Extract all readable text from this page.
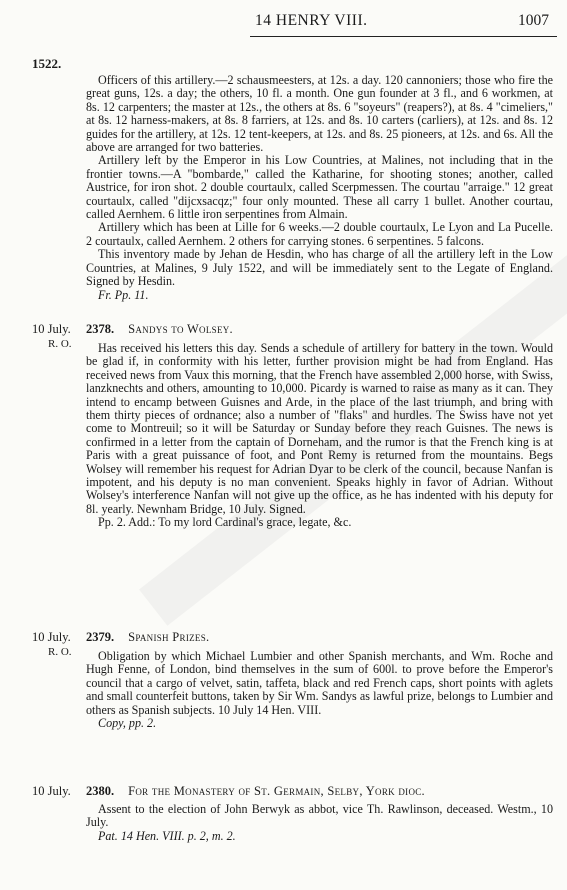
14 HENRY VIII.	1007
1522.

Officers of this artillery.—2 schausmeesters, at 12s. a day. 120 cannoniers; those who fire the great guns, 12s. a day; the others, 10 fl. a month. One gun founder at 3 fl., and 6 workmen, at 8s. 12 carpenters; the master at 12s., the others at 8s. 6 "soyeurs" (reapers?), at 8s. 4 "cimeliers," at 8s. 12 harness-makers, at 8s. 8 farriers, at 12s. and 8s. 10 carters (carliers), at 12s. and 8s. 12 guides for the artillery, at 12s. 12 tent-keepers, at 12s. and 8s. 25 pioneers, at 12s. and 6s. All the above are arranged for two batteries.

Artillery left by the Emperor in his Low Countries, at Malines, not including that in the frontier towns.—A "bombarde," called the Katharine, for shooting stones; another, called Austrice, for iron shot. 2 double courtaulx, called Scerpmessen. The courtau "arraige." 12 great courtaulx, called "dijcxsacqz;" four only mounted. These all carry 1 bullet. Another courtau, called Aernhem. 6 little iron serpentines from Almain.

Artillery which has been at Lille for 6 weeks.—2 double courtaulx, Le Lyon and La Pucelle. 2 courtaulx, called Aernhem. 2 others for carrying stones. 6 serpentines. 5 falcons.

This inventory made by Jehan de Hesdin, who has charge of all the artillery left in the Low Countries, at Malines, 9 July 1522, and will be immediately sent to the Legate of England. Signed by Hesdin.

Fr. Pp. 11.

10 July.
R. O.
2378. Sandys to Wolsey.

Has received his letters this day. Sends a schedule of artillery for battery in the town. Would be glad if, in conformity with his letter, further provision might be had from England. Has received news from Vaux this morning, that the French have assembled 2,000 horse, with Swiss, lanzknechts and others, amounting to 10,000. Picardy is warned to raise as many as it can. They intend to encamp between Guisnes and Arde, in the place of the last triumph, and bring with them thirty pieces of ordnance; also a number of "flaks" and hurdles. The Swiss have not yet come to Montreuil; so it will be Saturday or Sunday before they reach Guisnes. The news is confirmed in a letter from the captain of Dorneham, and the rumor is that the French king is at Paris with a great puissance of foot, and Pont Remy is returned from the mountains. Begs Wolsey will remember his request for Adrian Dyar to be clerk of the council, because Nanfan is impotent, and his deputy is no man convenient. Speaks highly in favor of Adrian. Without Wolsey's interference Nanfan will not give up the office, as he has indented with his deputy for 8l. yearly. Newnham Bridge, 10 July. Signed.

Pp. 2. Add.: To my lord Cardinal's grace, legate, &c.

10 July.
R. O.
2379. Spanish Prizes.

Obligation by which Michael Lumbier and other Spanish merchants, and Wm. Roche and Hugh Fenne, of London, bind themselves in the sum of 600l. to prove before the Emperor's council that a cargo of velvet, satin, taffeta, black and red French caps, short points with aglets and small counterfeit buttons, taken by Sir Wm. Sandys as lawful prize, belongs to Lumbier and others as Spanish subjects. 10 July 14 Hen. VIII.

Copy, pp. 2.

10 July. 2380. For the Monastery of St. Germain, Selby, York dioc.

Assent to the election of John Berwyk as abbot, vice Th. Rawlinson, deceased. Westm., 10 July.

Pat. 14 Hen. VIII. p. 2, m. 2.
